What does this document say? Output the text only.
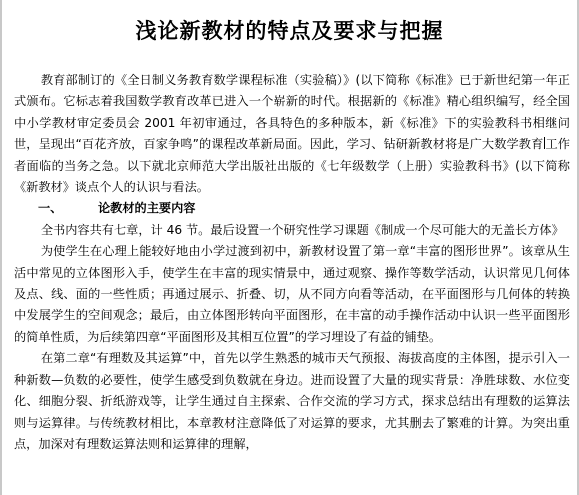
浅论新教材的特点及要求与把握

教育部制订的《全日制义务教育数学课程标准（实验稿）》(以下简称《标准》已于新世纪第一年正式颁布。它标志着我国数学教育改革已进入一个崭新的时代。根据新的《标准》精心组织编写，经全国中小学教材审定委员会 2001 年初审通过，各具特色的多种版本，新《标准》下的实验教科书相继问世，呈现出“百花齐放，百家争鸣”的课程改革新局面。因此，学习、钻研新教材将是广大数学教育 工作者面临的当务之急。以下就北京师范大学出版社出版的《七年级数学（上册）实验教科书》(以下简称《新教材》谈点个人的认识与看法。

一、	论教材的主要内容

全书内容共有七章，计 46 节。最后设置一个研究性学习课题《制成一个尽可能大的无盖长方体》

为使学生在心理上能较好地由小学过渡到初中，新教材设置了第一章“丰富的图形世界”。该章从生活中常见的立体图形入手，使学生在丰富的现实情景中，通过观察、操作等数学活动，认识常见几何体及点、线、面的一些性质；再通过展示、折叠、切，从不同方向看等活动，在平面图形与几何体的转换中发展学生的空间观念；最后，由立体图形转向平面图形，在丰富的动手操作活动中认识一些平面图形的简单性质，为后续第四章“平面图形及其相互位置”的学习埋设了有益的铺垫。

在第二章“有理数及其运算”中，首先以学生熟悉的城市天气预报、海拔高度的主体图，提示引入一种新数—负数的必要性，使学生感受到负数就在身边。进而设置了大量的现实背景：净胜球数、水位变化、细胞分裂、折纸游戏等，让学生通过自主探索、合作交流的学习方式，探求总结出有理数的运算法则与运算律。与传统教材相比，本章教材注意降低了对运算的要求，尤其删去了繁难的计算。为突出重点，加深对有理数运算法则和运算律的理解，
